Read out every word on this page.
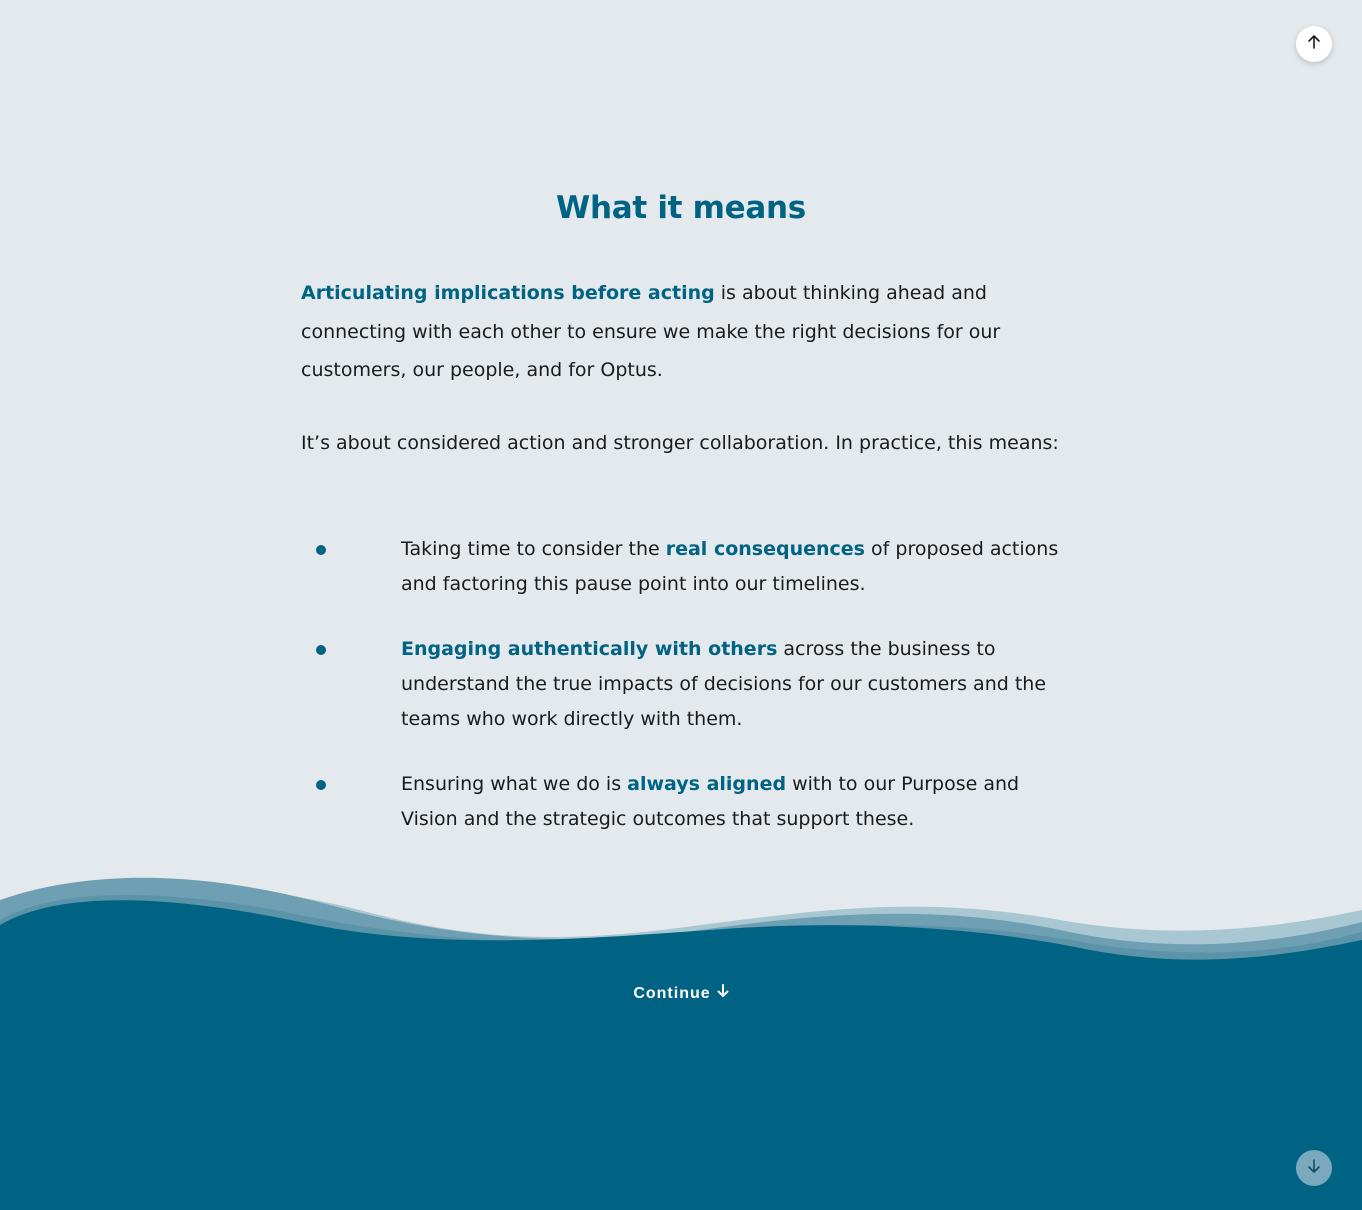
What it means

Articulating implications before acting is about thinking ahead and connecting with each other to ensure we make the right decisions for our customers, our people, and for Optus.

It’s about considered action and stronger collaboration. In practice, this means:

Taking time to consider the real consequences of proposed actions and factoring this pause point into our timelines.
Engaging authentically with others across the business to understand the true impacts of decisions for our customers and the teams who work directly with them.
Ensuring what we do is always aligned with to our Purpose and Vision and the strategic outcomes that support these.
Continue
